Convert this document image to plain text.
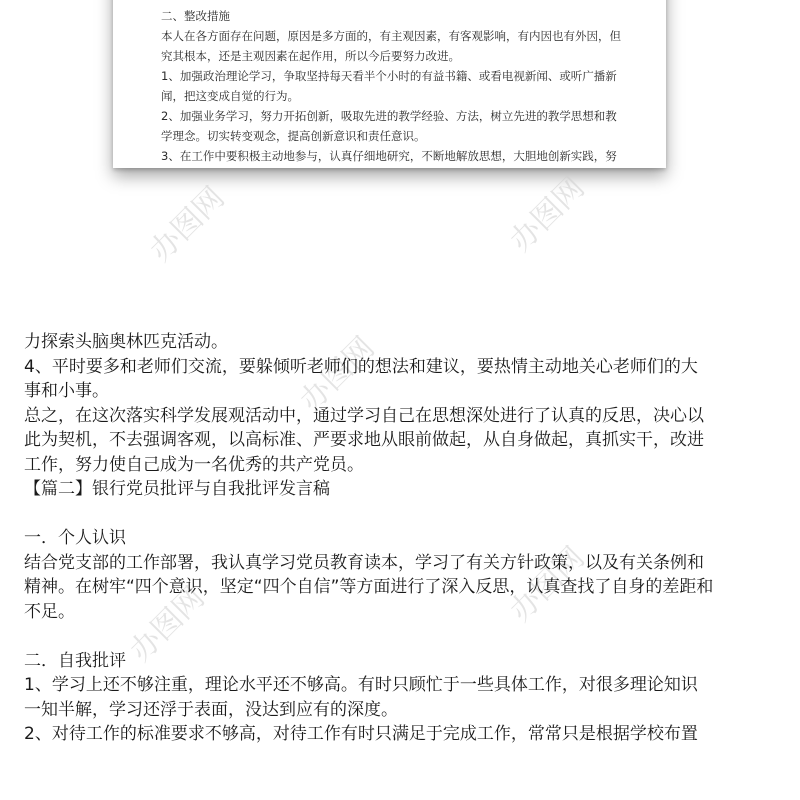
二、整改措施
本人在各方面存在问题，原因是多方面的，有主观因素，有客观影响，有内因也有外因，但
究其根本，还是主观因素在起作用，所以今后要努力改进。
1、加强政治理论学习，争取坚持每天看半个小时的有益书籍、或看电视新闻、或听广播新
闻，把这变成自觉的行为。
2、加强业务学习，努力开拓创新，吸取先进的教学经验、方法，树立先进的教学思想和教
学理念。切实转变观念，提高创新意识和责任意识。
3、在工作中要积极主动地参与，认真仔细地研究，不断地解放思想，大胆地创新实践，努
办图网	办图网
办图网
办图网
办图网

力探索头脑奥林匹克活动。

4、平时要多和老师们交流，要躲倾听老师们的想法和建议，要热情主动地关心老师们的大

事和小事。

总之，在这次落实科学发展观活动中，通过学习自己在思想深处进行了认真的反思，决心以

此为契机，不去强调客观，以高标准、严要求地从眼前做起，从自身做起，真抓实干，改进

工作，努力使自己成为一名优秀的共产党员。

【篇二】银行党员批评与自我批评发言稿

一．个人认识

结合党支部的工作部署，我认真学习党员教育读本，学习了有关方针政策，以及有关条例和

精神。在树牢“四个意识，坚定“四个自信”等方面进行了深入反思，认真查找了自身的差距和

不足。

二．自我批评

1、学习上还不够注重，理论水平还不够高。有时只顾忙于一些具体工作，对很多理论知识

一知半解，学习还浮于表面，没达到应有的深度。

2、对待工作的标准要求不够高，对待工作有时只满足于完成工作，常常只是根据学校布置
